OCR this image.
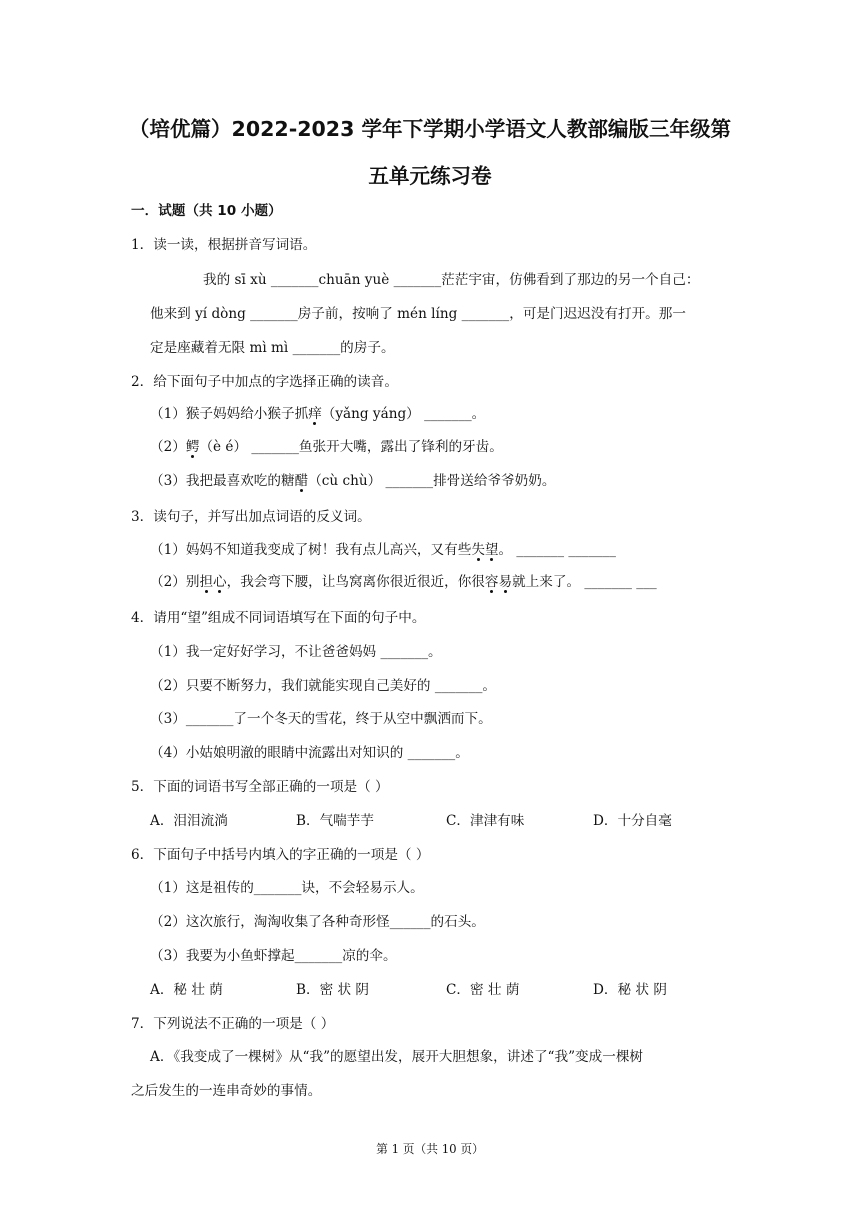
（培优篇）2022-2023 学年下学期小学语文人教部编版三年级第
五单元练习卷
一．试题（共 10 小题）
1．读一读，根据拼音写词语。
我的 sī xù _______chuān yuè _______茫茫宇宙，仿佛看到了那边的另一个自己：
他来到 yí dòng _______房子前，按响了 mén líng _______，可是门迟迟没有打开。那一
定是座藏着无限 mì mì _______的房子。
2．给下面句子中加点的字选择正确的读音。
（1）猴子妈妈给小猴子抓痒（yǎng yáng） _______。
（2）鳄（è é） _______鱼张开大嘴，露出了锋利的牙齿。
（3）我把最喜欢吃的糖醋（cù chù） _______排骨送给爷爷奶奶。
3．读句子，并写出加点词语的反义词。
（1）妈妈不知道我变成了树！我有点儿高兴，又有些失望。 _______ _______
（2）别担心，我会弯下腰，让鸟窝离你很近很近，你很容易就上来了。 _______ ___
4．请用“望”组成不同词语填写在下面的句子中。
（1）我一定好好学习，不让爸爸妈妈 _______。
（2）只要不断努力，我们就能实现自己美好的 _______。
（3）_______了一个冬天的雪花，终于从空中飘洒而下。
（4）小姑娘明澈的眼睛中流露出对知识的 _______。
5．下面的词语书写全部正确的一项是（ ）
A．泪泪流淌	B．气喘芋芋	C．津津有味	D．十分自毫
6．下面句子中括号内填入的字正确的一项是（ ）
（1）这是祖传的_______诀，不会轻易示人。
（2）这次旅行，淘淘收集了各种奇形怪______的石头。
（3）我要为小鱼虾撑起_______凉的伞。
A．秘 壮 荫	B．密 状 阴	C．密 壮 荫	D．秘 状 阴
7．下列说法不正确的一项是（ ）
A．《我变成了一棵树》从“我”的愿望出发，展开大胆想象，讲述了“我”变成一棵树
之后发生的一连串奇妙的事情。
第 1 页（共 10 页）
